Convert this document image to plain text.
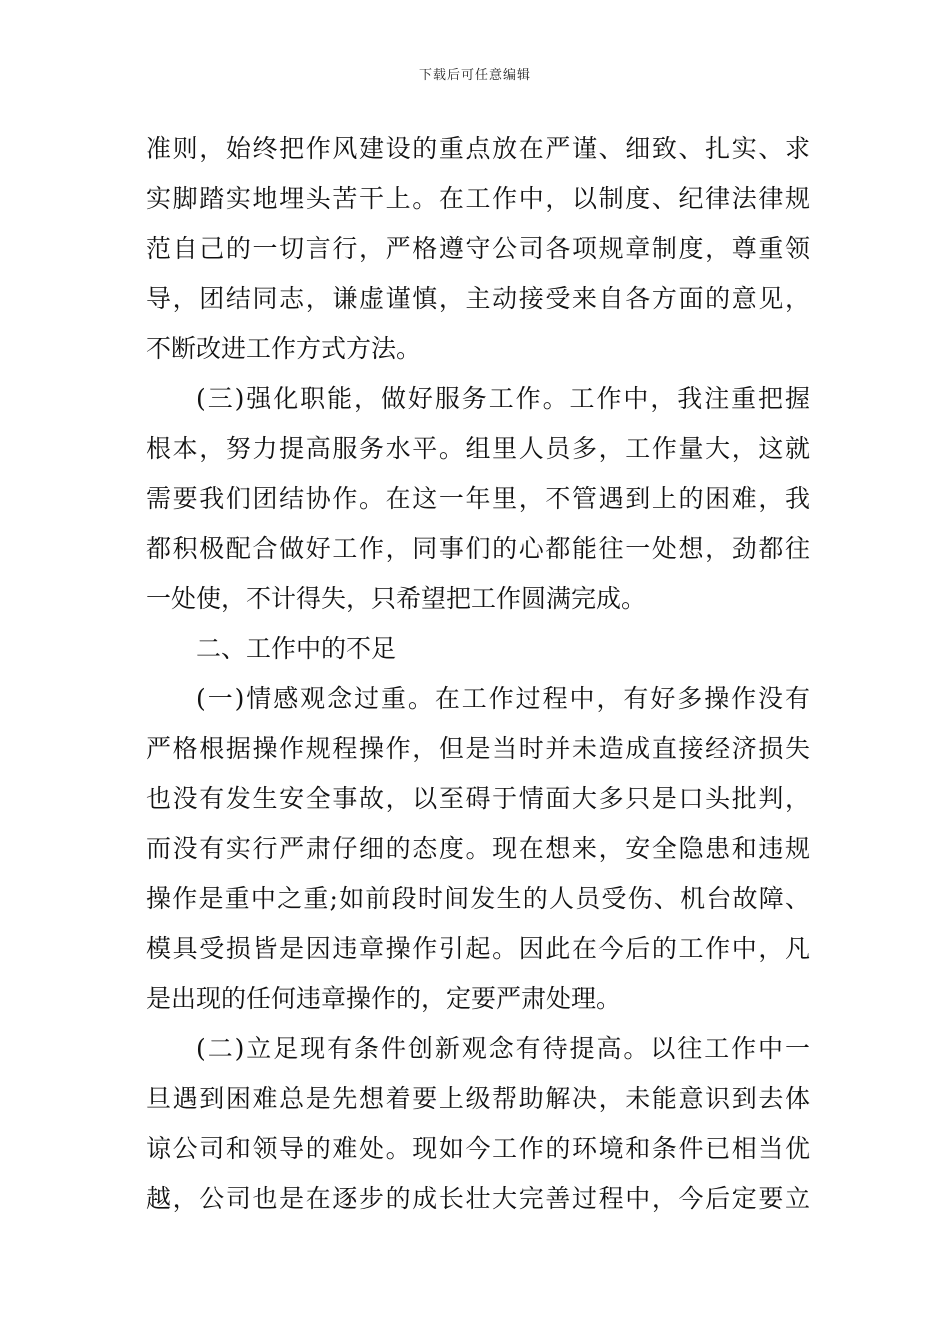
下载后可任意编辑
准则，始终把作风建设的重点放在严谨、细致、扎实、求
实脚踏实地埋头苦干上。在工作中，以制度、纪律法律规
范自己的一切言行，严格遵守公司各项规章制度，尊重领
导，团结同志，谦虚谨慎，主动接受来自各方面的意见，
不断改进工作方式方法。
(三)强化职能，做好服务工作。工作中，我注重把握
根本，努力提高服务水平。组里人员多，工作量大，这就
需要我们团结协作。在这一年里，不管遇到上的困难，我
都积极配合做好工作，同事们的心都能往一处想，劲都往
一处使，不计得失，只希望把工作圆满完成。
二、工作中的不足
(一)情感观念过重。在工作过程中，有好多操作没有
严格根据操作规程操作，但是当时并未造成直接经济损失
也没有发生安全事故，以至碍于情面大多只是口头批判，
而没有实行严肃仔细的态度。现在想来，安全隐患和违规
操作是重中之重;如前段时间发生的人员受伤、机台故障、
模具受损皆是因违章操作引起。因此在今后的工作中，凡
是出现的任何违章操作的，定要严肃处理。
(二)立足现有条件创新观念有待提高。以往工作中一
旦遇到困难总是先想着要上级帮助解决，未能意识到去体
谅公司和领导的难处。现如今工作的环境和条件已相当优
越，公司也是在逐步的成长壮大完善过程中，今后定要立
